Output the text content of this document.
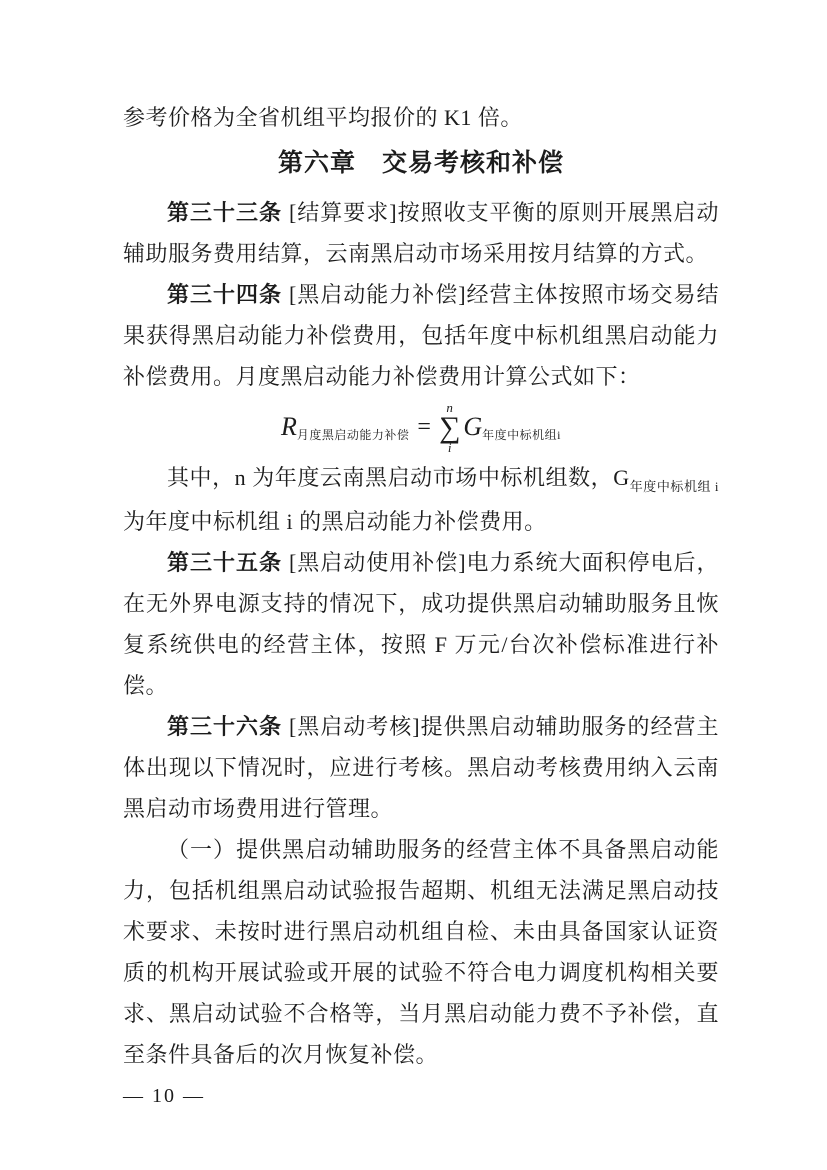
参考价格为全省机组平均报价的 K1 倍。

第六章　交易考核和补偿

第三十三条 [结算要求]按照收支平衡的原则开展黑启动辅助服务费用结算，云南黑启动市场采用按月结算的方式。

第三十四条 [黑启动能力补偿]经营主体按照市场交易结果获得黑启动能力补偿费用，包括年度中标机组黑启动能力补偿费用。月度黑启动能力补偿费用计算公式如下：

R 月度黑启动能力补偿 =
n
∑
i
G 年度中标机组i

其中，n 为年度云南黑启动市场中标机组数，$G_{年度中标机组 i}$为年度中标机组 i 的黑启动能力补偿费用。

第三十五条 [黑启动使用补偿]电力系统大面积停电后，在无外界电源支持的情况下，成功提供黑启动辅助服务且恢复系统供电的经营主体，按照 F 万元/台次补偿标准进行补偿。

第三十六条 [黑启动考核]提供黑启动辅助服务的经营主体出现以下情况时，应进行考核。黑启动考核费用纳入云南黑启动市场费用进行管理。

（一）提供黑启动辅助服务的经营主体不具备黑启动能力，包括机组黑启动试验报告超期、机组无法满足黑启动技术要求、未按时进行黑启动机组自检、未由具备国家认证资质的机构开展试验或开展的试验不符合电力调度机构相关要求、黑启动试验不合格等，当月黑启动能力费不予补偿，直至条件具备后的次月恢复补偿。

— 10 —
